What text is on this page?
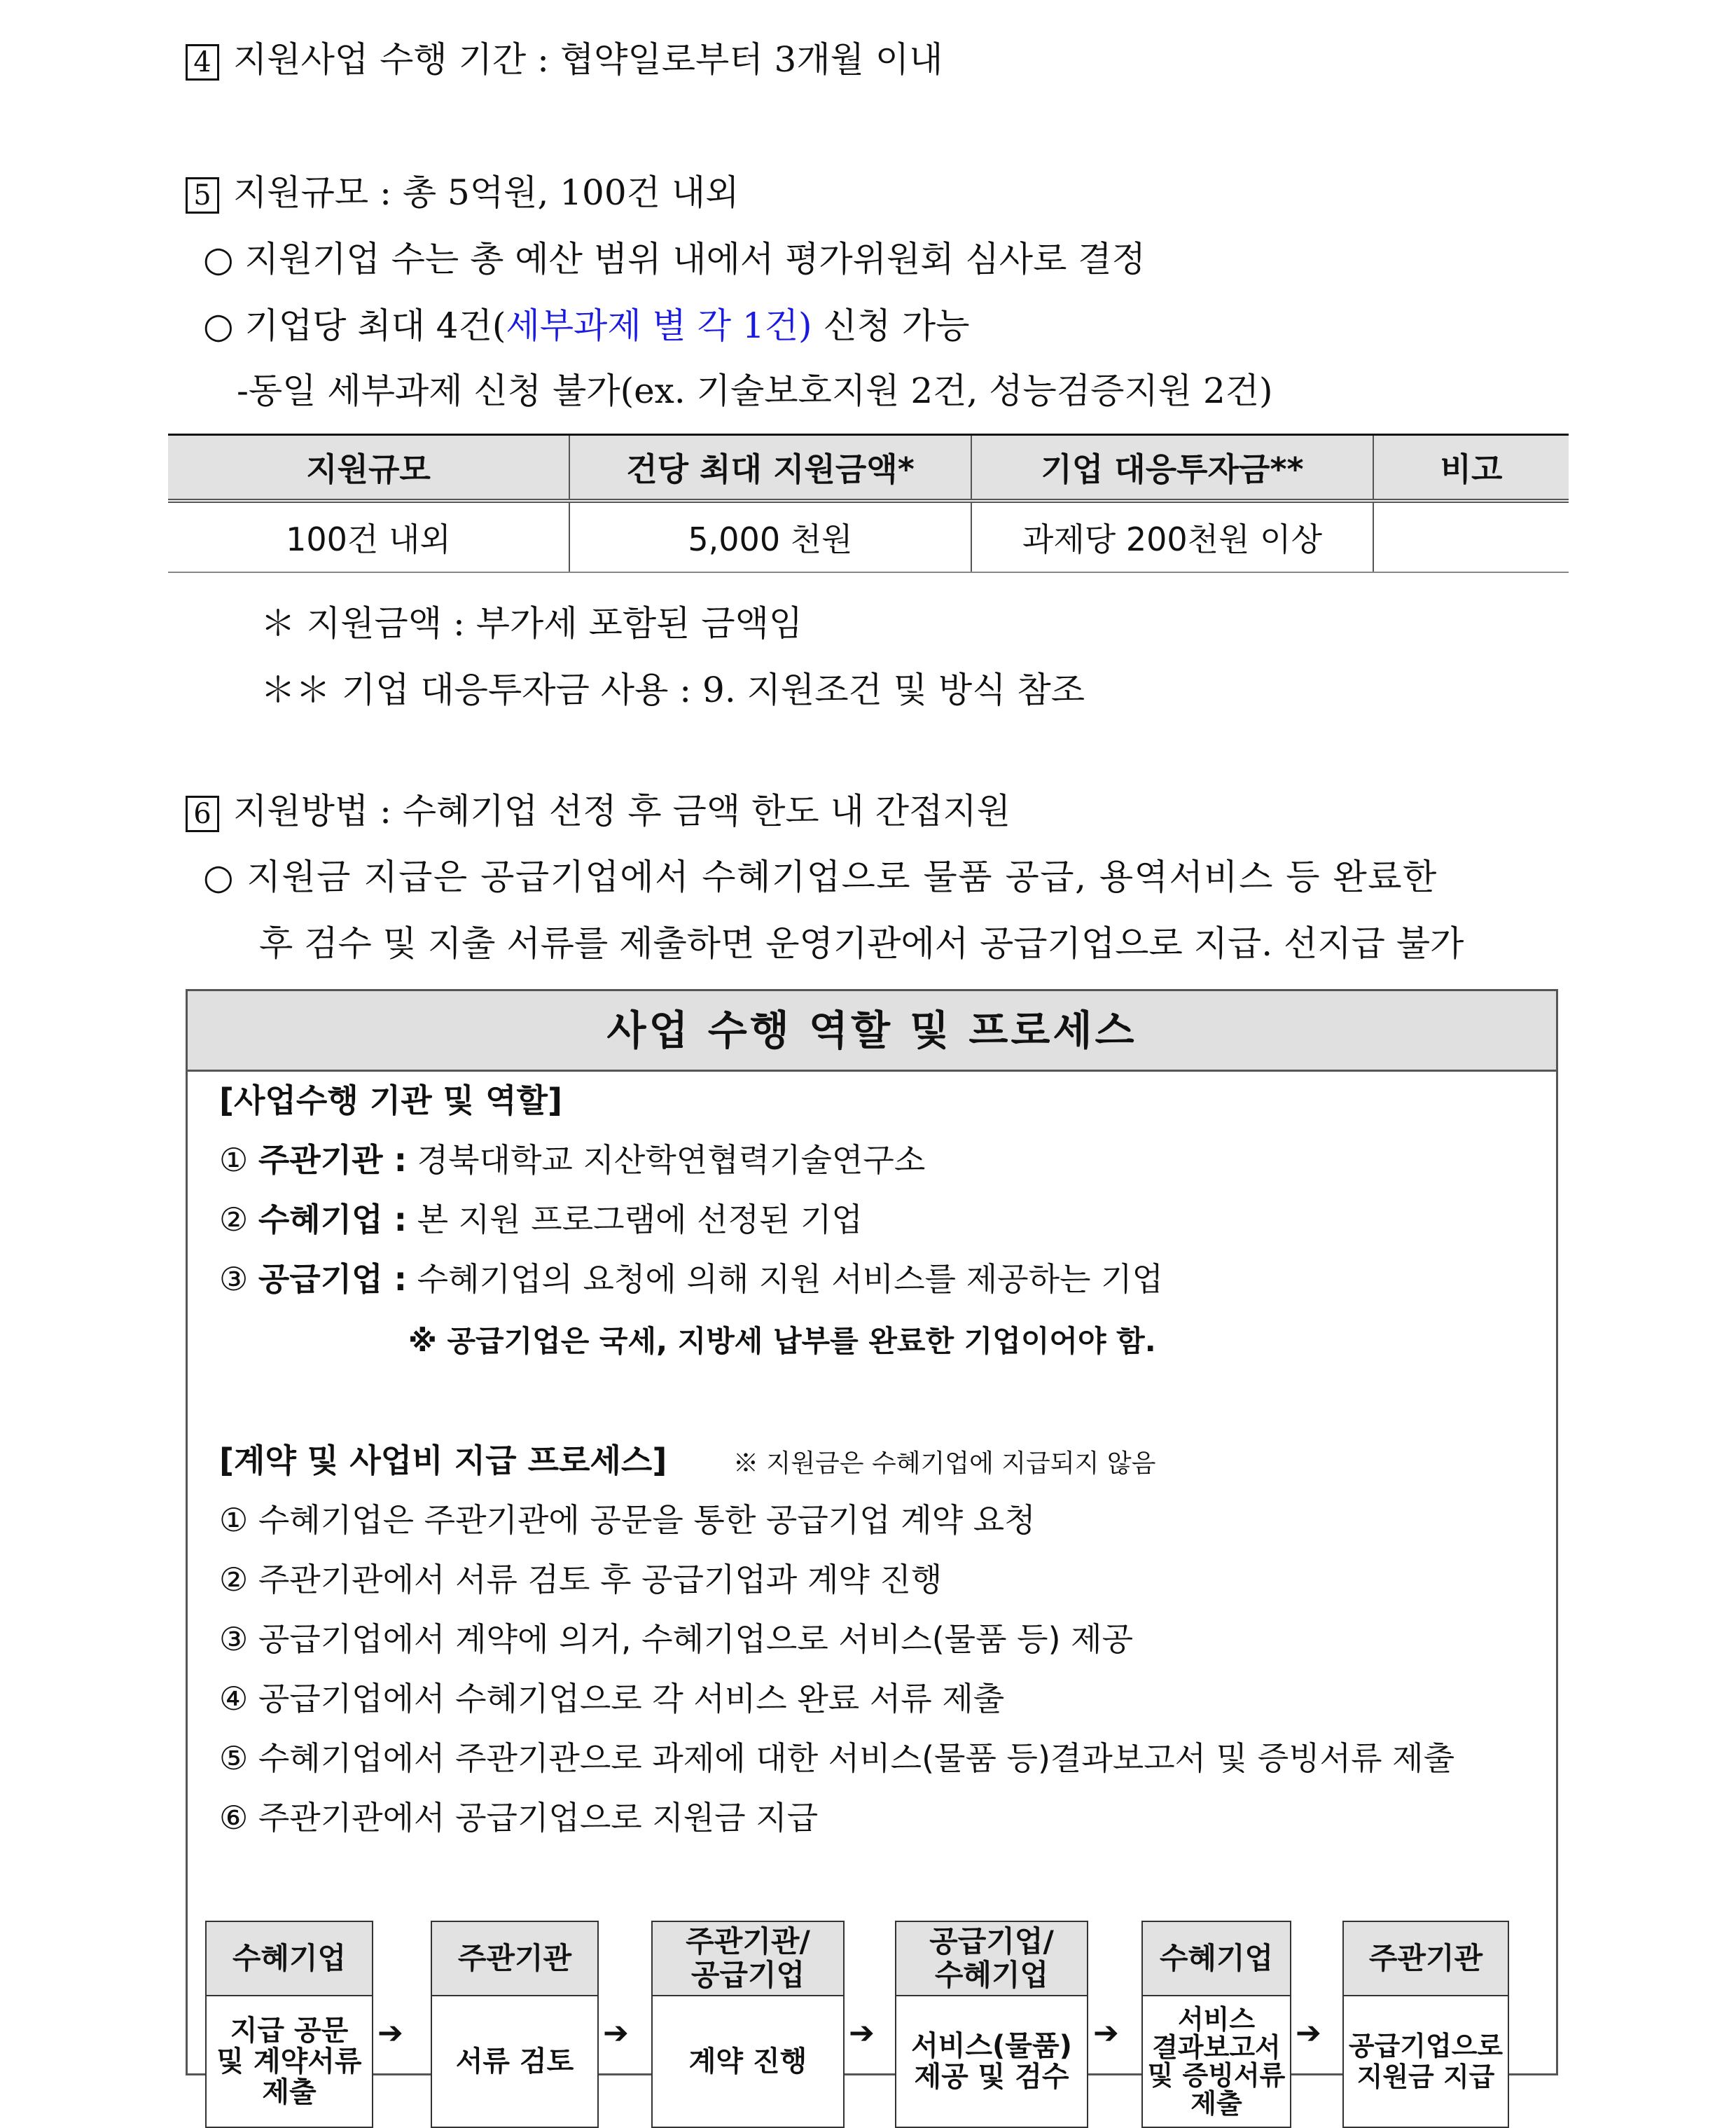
4 지원사업 수행 기간 : 협약일로부터 3개월 이내
5 지원규모 : 총 5억원, 100건 내외
○ 지원기업 수는 총 예산 범위 내에서 평가위원회 심사로 결정
○ 기업당 최대 4건(세부과제 별 각 1건) 신청 가능
-동일 세부과제 신청 불가(ex. 기술보호지원 2건, 성능검증지원 2건)
지원규모	건당 최대 지원금액*	기업 대응투자금**	비고
100건 내외	5,000 천원	과제당 200천원 이상	
＊ 지원금액 : 부가세 포함된 금액임
＊＊ 기업 대응투자금 사용 : 9. 지원조건 및 방식 참조
6 지원방법 : 수혜기업 선정 후 금액 한도 내 간접지원
○ 지원금 지급은 공급기업에서 수혜기업으로 물품 공급, 용역서비스 등 완료한
후 검수 및 지출 서류를 제출하면 운영기관에서 공급기업으로 지급. 선지급 불가
사업 수행 역할 및 프로세스
[사업수행 기관 및 역할]
① 주관기관 : 경북대학교 지산학연협력기술연구소
② 수혜기업 : 본 지원 프로그램에 선정된 기업
③ 공급기업 : 수혜기업의 요청에 의해 지원 서비스를 제공하는 기업
※ 공급기업은 국세, 지방세 납부를 완료한 기업이어야 함.
[계약 및 사업비 지급 프로세스]	※ 지원금은 수혜기업에 지급되지 않음
① 수혜기업은 주관기관에 공문을 통한 공급기업 계약 요청
② 주관기관에서 서류 검토 후 공급기업과 계약 진행
③ 공급기업에서 계약에 의거, 수혜기업으로 서비스(물품 등) 제공
④ 공급기업에서 수혜기업으로 각 서비스 완료 서류 제출
⑤ 수혜기업에서 주관기관으로 과제에 대한 서비스(물품 등)결과보고서 및 증빙서류 제출
⑥ 주관기관에서 공급기업으로 지원금 지급
수혜기업
지급 공문
및 계약서류
제출
➔
주관기관
서류 검토
➔
주관기관/
공급기업
계약 진행
➔
공급기업/
수혜기업
서비스(물품)
제공 및 검수
➔
수혜기업
서비스
결과보고서
및 증빙서류
제출
➔
주관기관
공급기업으로
지원금 지급
